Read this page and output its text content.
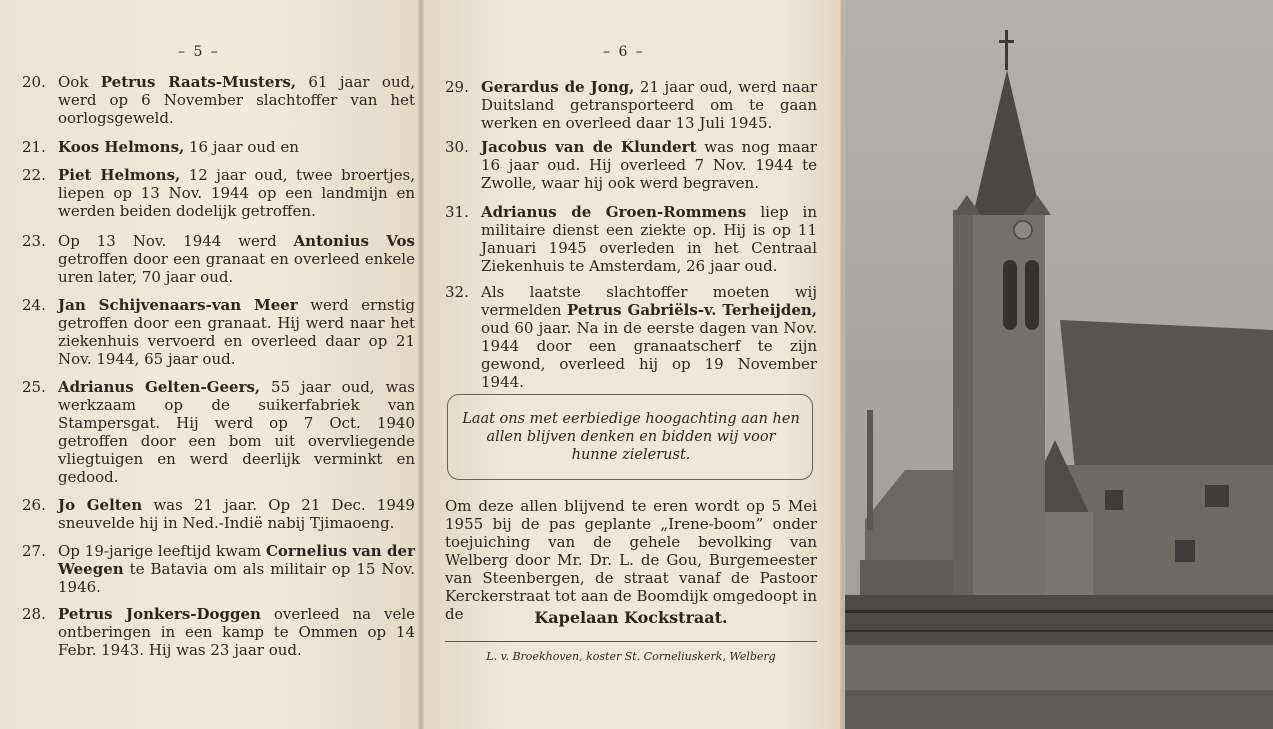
– 5 –
20. Ook Petrus Raats-Musters, 61 jaar oud, werd op 6 November slachtoffer van het oorlogsgeweld.
21. Koos Helmons, 16 jaar oud en
22. Piet Helmons, 12 jaar oud, twee broertjes, liepen op 13 Nov. 1944 op een landmijn en werden beiden dodelijk getroffen.
23. Op 13 Nov. 1944 werd Antonius Vos getroffen door een granaat en overleed enkele uren later, 70 jaar oud.
24. Jan Schijvenaars-van Meer werd ernstig getroffen door een granaat. Hij werd naar het ziekenhuis vervoerd en overleed daar op 21 Nov. 1944, 65 jaar oud.
25. Adrianus Gelten-Geers, 55 jaar oud, was werkzaam op de suikerfabriek van Stampersgat. Hij werd op 7 Oct. 1940 getroffen door een bom uit overvliegende vliegtuigen en werd deerlijk verminkt en gedood.
26. Jo Gelten was 21 jaar. Op 21 Dec. 1949 sneuvelde hij in Ned.-Indië nabij Tjimaoeng.
27. Op 19-jarige leeftijd kwam Cornelius van der Weegen te Batavia om als militair op 15 Nov. 1946.
28. Petrus Jonkers-Doggen overleed na vele ontberingen in een kamp te Ommen op 14 Febr. 1943. Hij was 23 jaar oud.
– 6 –
29. Gerardus de Jong, 21 jaar oud, werd naar Duitsland getransporteerd om te gaan werken en overleed daar 13 Juli 1945.
30. Jacobus van de Klundert was nog maar 16 jaar oud. Hij overleed 7 Nov. 1944 te Zwolle, waar hij ook werd begraven.
31. Adrianus de Groen-Rommens liep in militaire dienst een ziekte op. Hij is op 11 Januari 1945 overleden in het Centraal Ziekenhuis te Amsterdam, 26 jaar oud.
32. Als laatste slachtoffer moeten wij vermelden Petrus Gabriëls-v. Terheijden, oud 60 jaar. Na in de eerste dagen van Nov. 1944 door een granaatscherf te zijn gewond, overleed hij op 19 November 1944.
Laat ons met eerbiedige hoogachting aan hen allen blijven denken en bidden wij voor hunne zielerust.
Om deze allen blijvend te eren wordt op 5 Mei 1955 bij de pas geplante „Irene-boom” onder toejuiching van de gehele bevolking van Welberg door Mr. Dr. L. de Gou, Burgemeester van Steenbergen, de straat vanaf de Pastoor Kerckerstraat tot aan de Boomdijk omgedoopt in de	Kapelaan Kockstraat.
L. v. Broekhoven, koster St. Corneliuskerk, Welberg
